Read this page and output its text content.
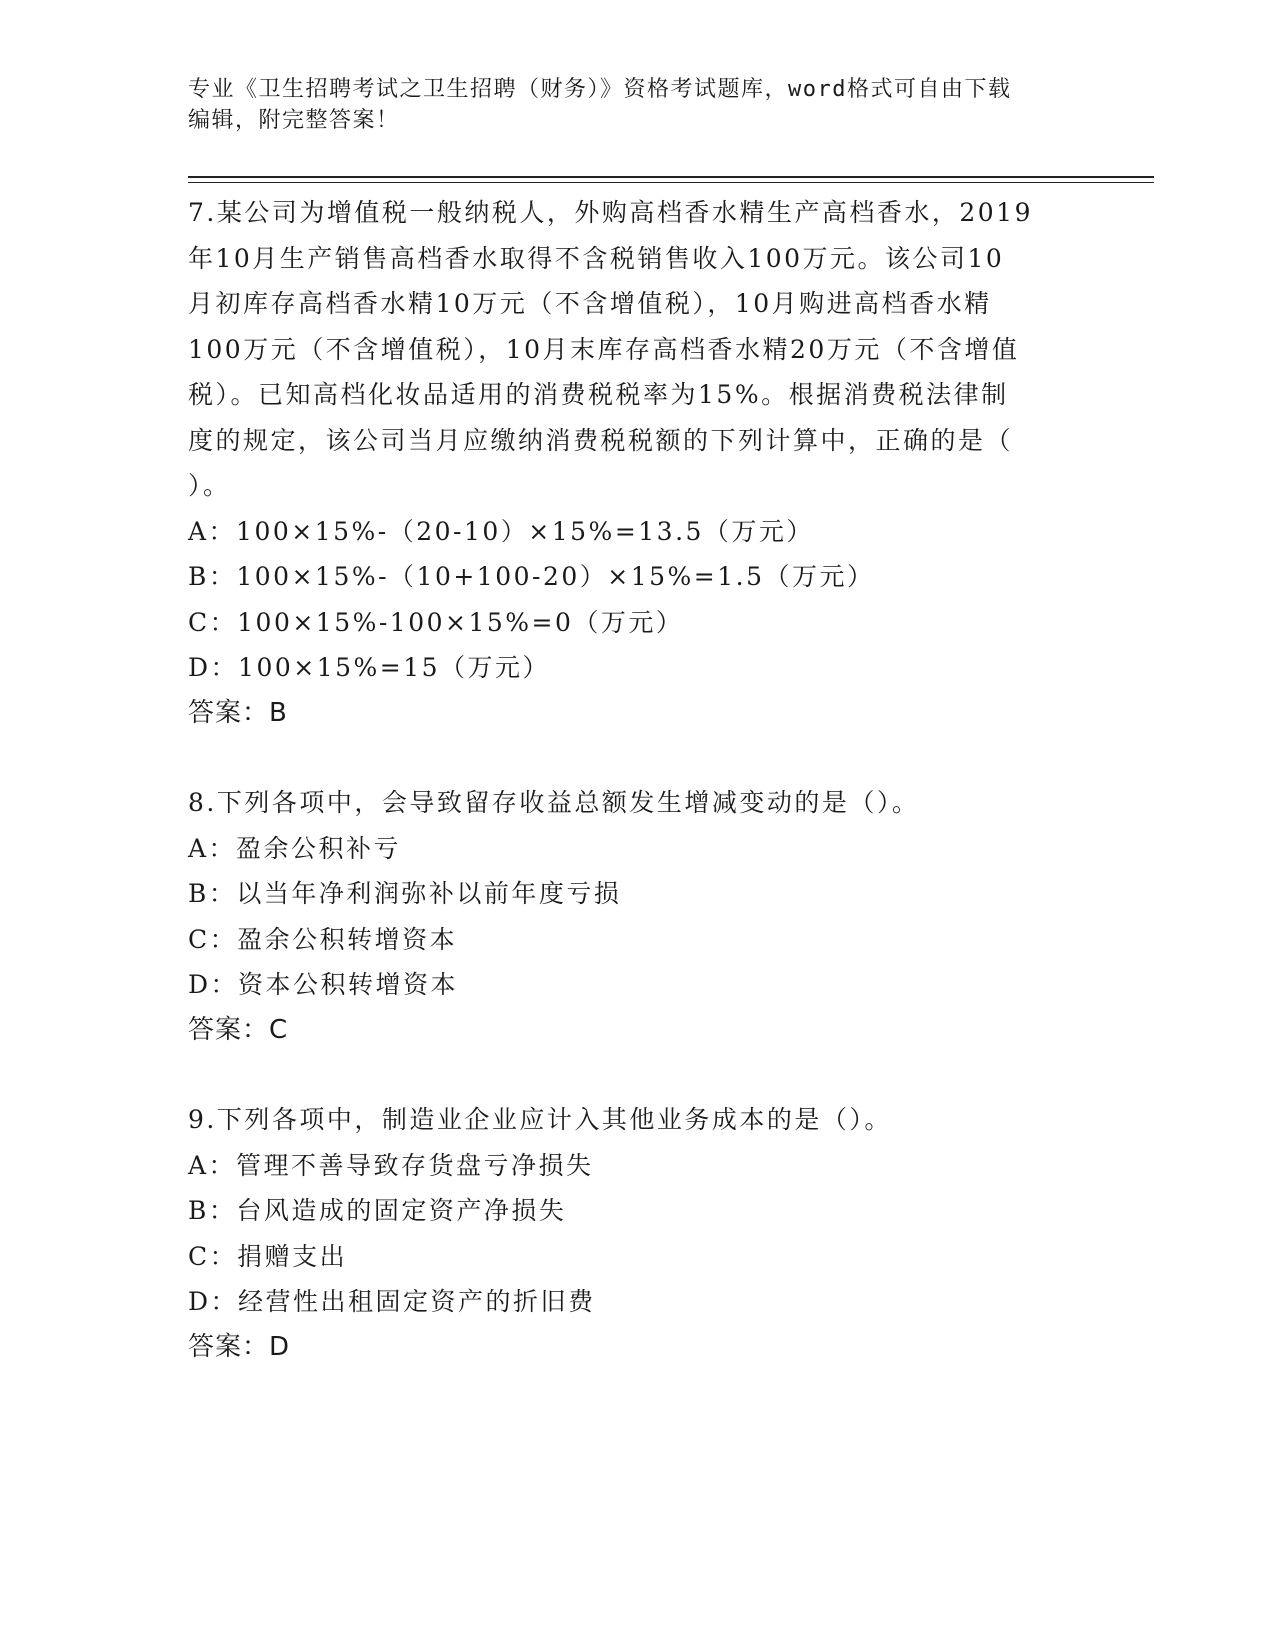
专业《卫生招聘考试之卫生招聘（财务）》资格考试题库，word格式可自由下载
编辑，附完整答案！
7.某公司为增值税一般纳税人，外购高档香水精生产高档香水，2019
年10月生产销售高档香水取得不含税销售收入100万元。该公司10
月初库存高档香水精10万元（不含增值税），10月购进高档香水精
100万元（不含增值税），10月末库存高档香水精20万元（不含增值
税）。已知高档化妆品适用的消费税税率为15%。根据消费税法律制
度的规定，该公司当月应缴纳消费税税额的下列计算中，正确的是（
）。
A：100×15%-（20-10）×15%=13.5（万元）
B：100×15%-（10+100-20）×15%=1.5（万元）
C：100×15%-100×15%=0（万元）
D：100×15%=15（万元）
答案：B
8.下列各项中，会导致留存收益总额发生增减变动的是（）。
A：盈余公积补亏
B：以当年净利润弥补以前年度亏损
C：盈余公积转增资本
D：资本公积转增资本
答案：C
9.下列各项中，制造业企业应计入其他业务成本的是（）。
A：管理不善导致存货盘亏净损失
B：台风造成的固定资产净损失
C：捐赠支出
D：经营性出租固定资产的折旧费
答案：D
